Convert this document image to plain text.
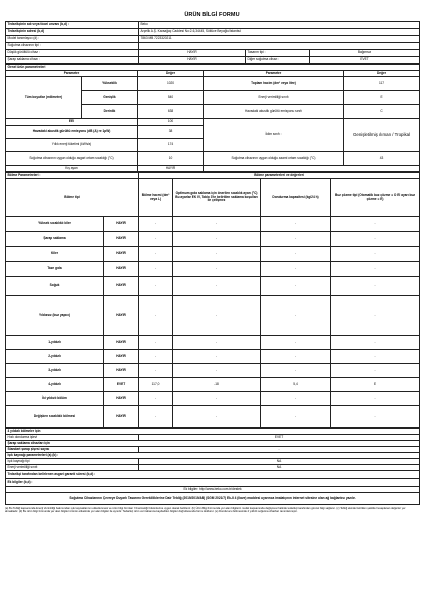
ÜRÜN BİLGİ FORMU
Tedarikçinin adı veya ticari unvanı (b,d) :	Beko		
Tedarikçinin adresi (b,d)	Arçelik A.Ş. Karaağaç Caddesi No:2-6,34445, Sütlüce Beyoğlu/İstanbul		
Model tanımlayıcı (d) :	7863 MB 7223320211		
Soğutma cihazının tipi :			
Düşük gürültülü cihaz :	HAYIR	Tasarım tipi :	Bağımsız
Şarap saklama cihazı :	HAYIR	Diğer soğutma cihazı :	EVET
Genel ürün parametreleri				
Parametre		Değer	Parametre	Değer
Tüm boyutlar (milimetre)	Yükseklik	1020	Toplam hacim (dm³ veya litre)	117
	Genişlik	540	Enerji verimliliği sınıfı	E
	Derinlik	638	Havadaki akustik gürültü emisyonu sınıfı	C
EEI		100	İklim sınıfı :	Genişletilmiş ılıman / Tropikal
Havadaki akustik gürültü emisyonu (dB (A) re 1pW)		38		
Yıllık enerji tüketimi (kWh/a)		174		
Soğutma cihazının uygun olduğu asgari ortam sıcaklığı (°C)		10	Soğutma cihazının uygun olduğu azami ortam sıcaklığı (°C)	43
Kış ayarı		HAYIR		
Bölme Parametreleri :		Bölme parametreleri ve değerleri			
Bölme tipi		Bölme hacmi (dm³ veya L)	Optimum gıda saklama için önerilen sıcaklık ayarı (°C) Bu ayarlar EK IV, Tablo 3'te belirtilen saklama koşulları ile çelişmez	Dondurma kapasitesi (kg/24 h)	Buz çözme tipi (Otomatik buz çözme = O El ayarı buz çözme = E)
Yüksek sıcaklıklı kiler	HAYIR	-	-	-	-
Şarap saklama	HAYIR	-	-	-	-
Kiler	HAYIR	-	-	-	-
Taze gıda	HAYIR	-	-	-	-
Soğuk	HAYIR	-	-	-	-
Yıldızsız (buz yapıcı)	HAYIR	-	-	-	-
1-yıldızlı	HAYIR	-	-	-	-
2-yıldızlı	HAYIR	-	-	-	-
3-yıldızlı	HAYIR	-	-	-	-
4-yıldızlı	EVET	117,0	-18	5,4	E
İki yıldızlı bölüm	HAYIR	-	-	-	-
Değişken sıcaklıklı bölmesi	HAYIR	-	-	-	-
4 yıldızlı bölmeler için	
Hızlı dondurma işlevi	EVET
Şarap saklama cihazları için	
Standart şarap şişesi sayısı	-
Işık kaynağı parametreleri (a) (b) :	
Işık kaynağı tipi	NA
Enerji verimliliği sınıfı	NA
Tedarikçi tarafından belirlenen asgari garanti süresi (b,d) :	
Ek bilgiler (b,d) :	
Ek bilgiler: http://www.beko.com.tr/destek	
Soğutma Cihazlarının Çevreye Duyarlı Tasarımı Gerekliliklerine Dair Tebliğ (2019/2019/AB) (SGM 2021/7) Ek-II 4 (ilave) maddesi uyarınca imalatçının internet sitesine olan ağ bağlantısı yazılır.	
(a) Bu Tebliğ kapsamında Enerji Verimliliği bakımından ışık kaynaklarının etiketlenmesi ve ürün bilgi formları Yönetmeliği hükümlerine uygun olarak belirlenir. (b) Ürün Bilgi Formunda yer alan bilgilerin model kapsamında değişmesi halinde tedarikçi tarafından güncel bilgi sağlanır. (c) Tebliğ ekinde belirtilen şekilde hesaplanan değerler yer almaktadır. (d) Bu ürün bilgi formunda yer alan bilgiler ürünün etiketinde yer alan bilgiler ile aynıdır. Tedarikçi ürün veri tabanına kaydedilen bilgiler doğrultusunda formu doldurur. (e) Dondurucu bölmesinde 4 yıldızlı soğutma cihazları tanımlanmıştır.
